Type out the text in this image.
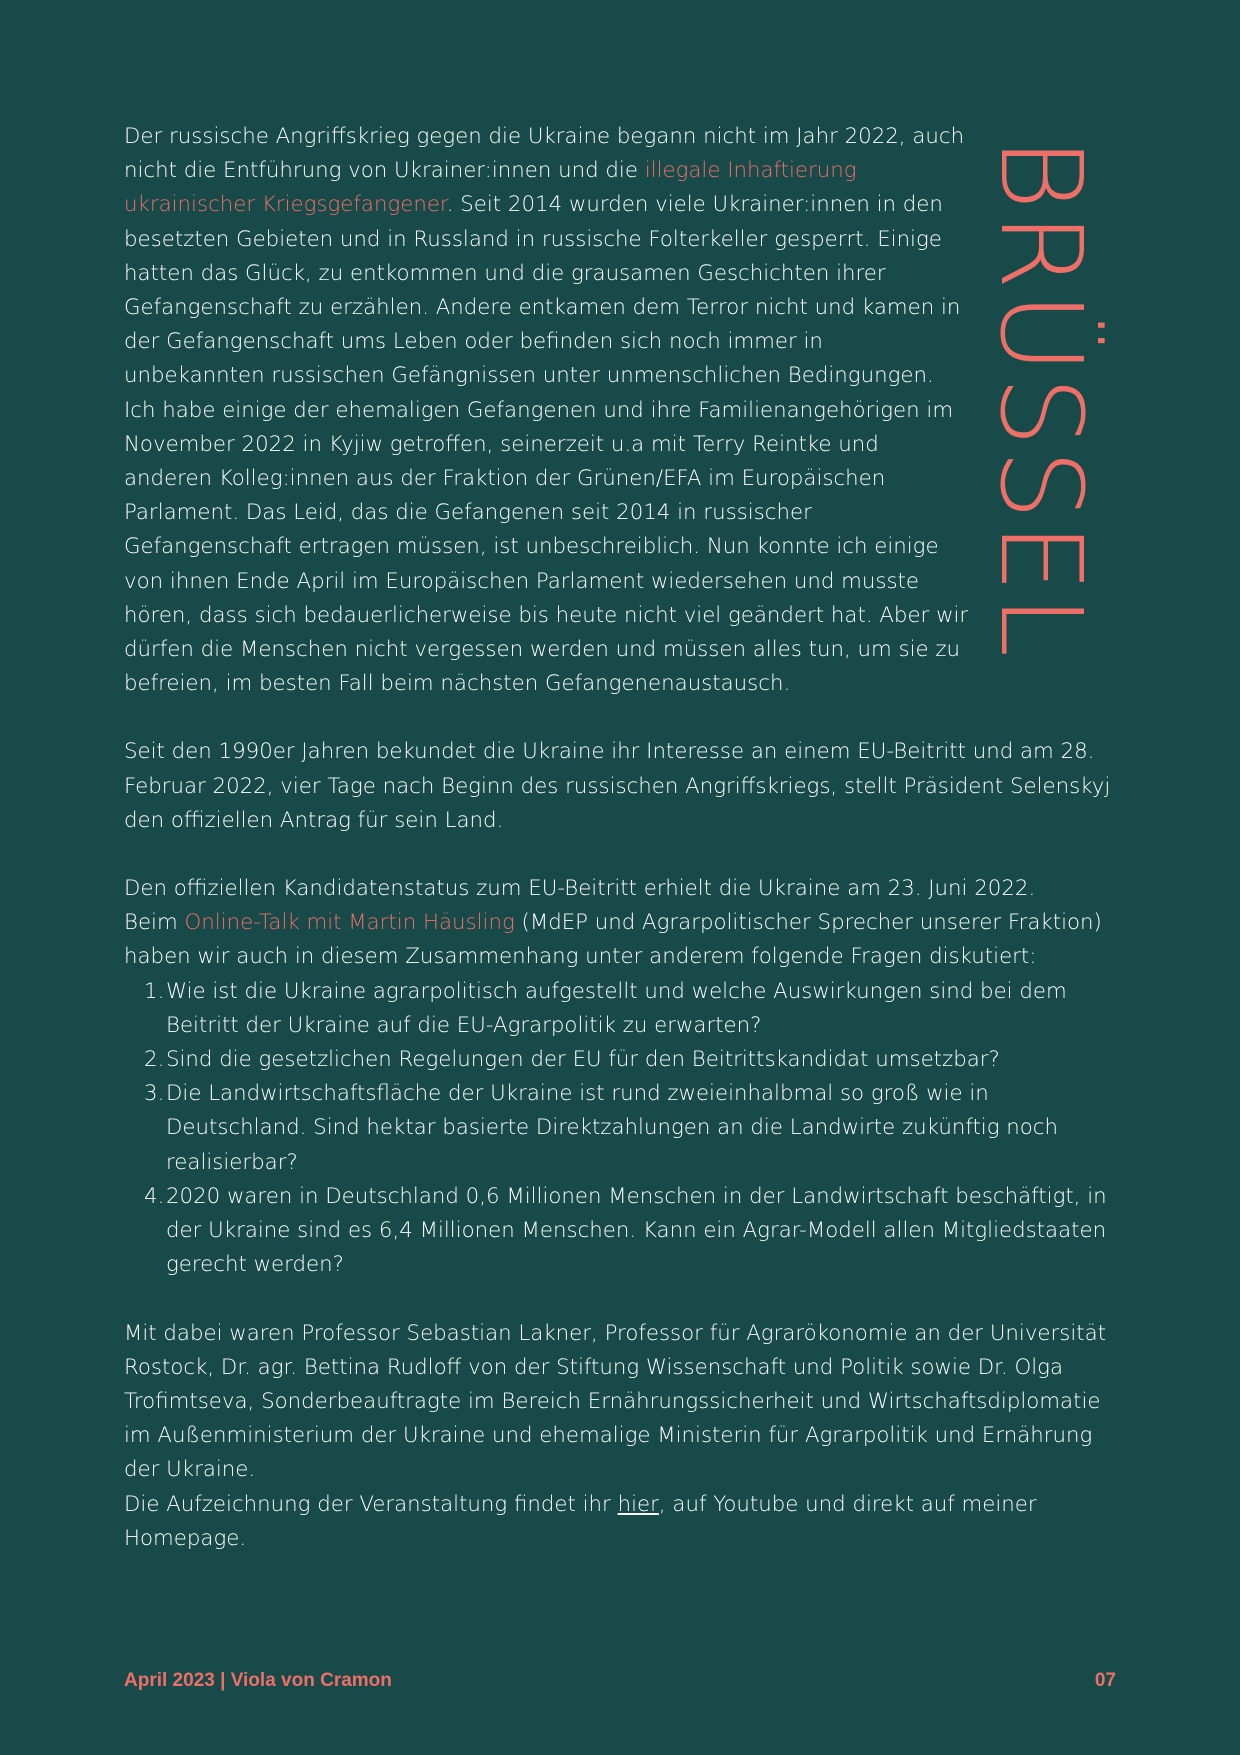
BRÜSSEL

Der russische Angriffskrieg gegen die Ukraine begann nicht im Jahr 2022, auch nicht die Entführung von Ukrainer:innen und die illegale Inhaftierung ukrainischer Kriegsgefangener. Seit 2014 wurden viele Ukrainer:innen in den besetzten Gebieten und in Russland in russische Folterkeller gesperrt. Einige hatten das Glück, zu entkommen und die grausamen Geschichten ihrer Gefangenschaft zu erzählen. Andere entkamen dem Terror nicht und kamen in der Gefangenschaft ums Leben oder befinden sich noch immer in unbekannten russischen Gefängnissen unter unmenschlichen Bedingungen.

Ich habe einige der ehemaligen Gefangenen und ihre Familienangehörigen im November 2022 in Kyjiw getroffen, seinerzeit u.a mit Terry Reintke und anderen Kolleg:innen aus der Fraktion der Grünen/EFA im Europäischen Parlament. Das Leid, das die Gefangenen seit 2014 in russischer Gefangenschaft ertragen müssen, ist unbeschreiblich. Nun konnte ich einige von ihnen Ende April im Europäischen Parlament wiedersehen und musste hören, dass sich bedauerlicherweise bis heute nicht viel geändert hat. Aber wir dürfen die Menschen nicht vergessen werden und müssen alles tun, um sie zu befreien, im besten Fall beim nächsten Gefangenenaustausch.

Seit den 1990er Jahren bekundet die Ukraine ihr Interesse an einem EU-Beitritt und am 28. Februar 2022, vier Tage nach Beginn des russischen Angriffskriegs, stellt Präsident Selenskyj den offiziellen Antrag für sein Land.

Den offiziellen Kandidatenstatus zum EU-Beitritt erhielt die Ukraine am 23. Juni 2022.

Beim Online-Talk mit Martin Häusling (MdEP und Agrarpolitischer Sprecher unserer Fraktion) haben wir auch in diesem Zusammenhang unter anderem folgende Fragen diskutiert:

Wie ist die Ukraine agrarpolitisch aufgestellt und welche Auswirkungen sind bei dem Beitritt der Ukraine auf die EU-Agrarpolitik zu erwarten?
Sind die gesetzlichen Regelungen der EU für den Beitrittskandidat umsetzbar?
Die Landwirtschaftsfläche der Ukraine ist rund zweieinhalbmal so groß wie in Deutschland. Sind hektar basierte Direktzahlungen an die Landwirte zukünftig noch realisierbar?
2020 waren in Deutschland 0,6 Millionen Menschen in der Landwirtschaft beschäftigt, in der Ukraine sind es 6,4 Millionen Menschen. Kann ein Agrar-Modell allen Mitgliedstaaten gerecht werden?

Mit dabei waren Professor Sebastian Lakner, Professor für Agrarökonomie an der Universität Rostock, Dr. agr. Bettina Rudloff von der Stiftung Wissenschaft und Politik sowie Dr. Olga Trofimtseva, Sonderbeauftragte im Bereich Ernährungssicherheit und Wirtschaftsdiplomatie im Außenministerium der Ukraine und ehemalige Ministerin für Agrarpolitik und Ernährung der Ukraine.

Die Aufzeichnung der Veranstaltung findet ihr hier, auf Youtube und direkt auf meiner Homepage.

April 2023 | Viola von Cramon	07
